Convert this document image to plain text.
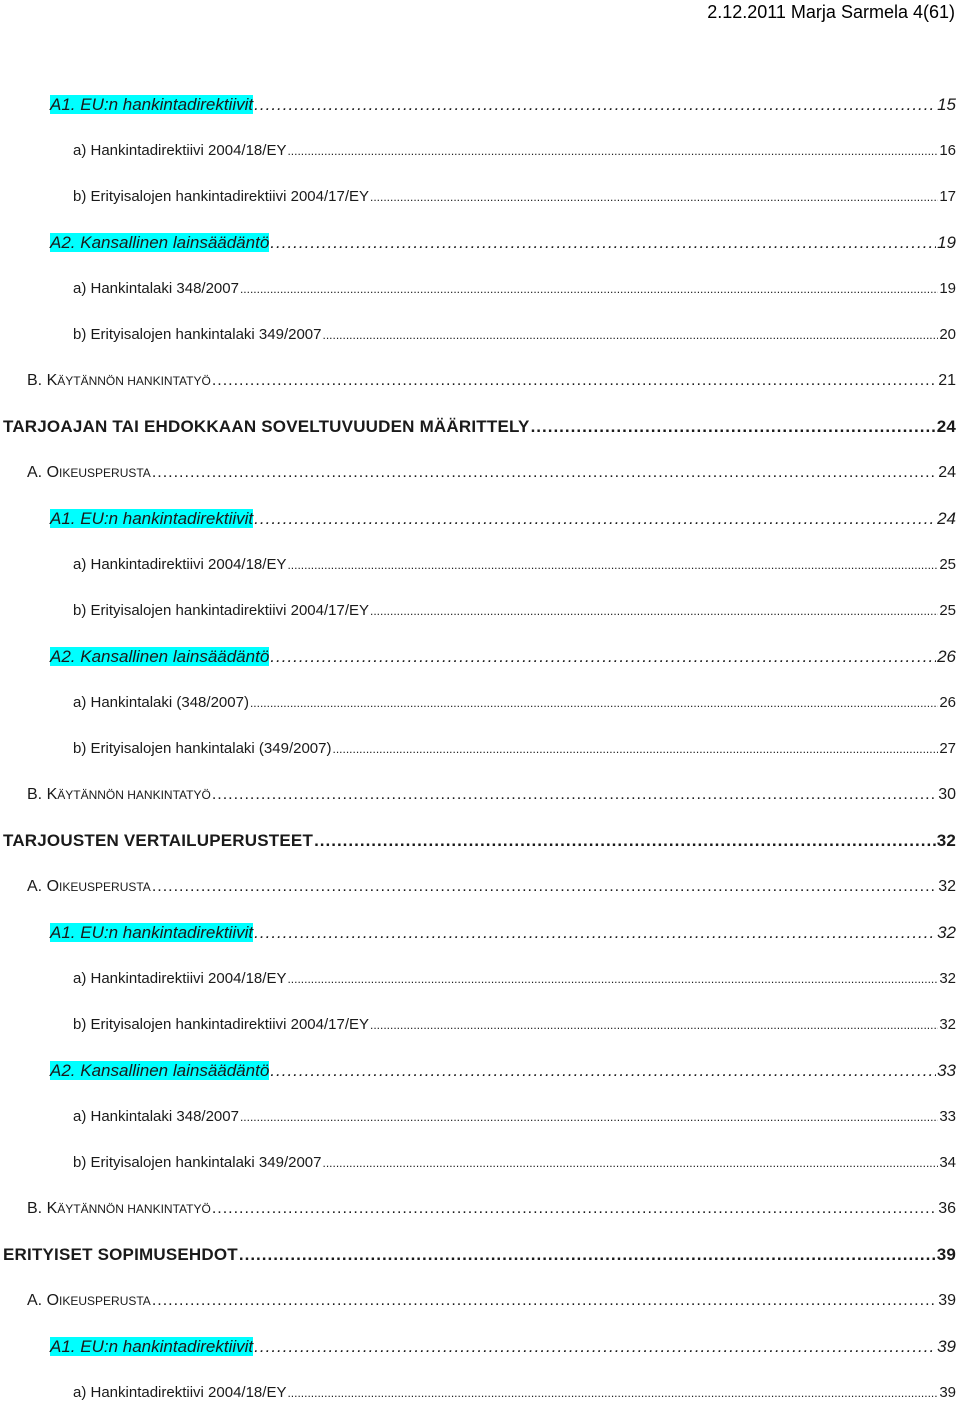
2.12.2011 Marja Sarmela 4(61)
A1. EU:n hankintadirektiivit .....	15
a) Hankintadirektiivi 2004/18/EY .....	16
b) Erityisalojen hankintadirektiivi 2004/17/EY .....	17
A2. Kansallinen lainsäädäntö .....	19
a) Hankintalaki 348/2007 .....	19
b) Erityisalojen hankintalaki 349/2007 .....	20
B. KÄYTÄNNÖN HANKINTATYÖ .....	21
TARJOAJAN TAI EHDOKKAAN SOVELTUVUUDEN MÄÄRITTELY .....	24
A. OIKEUSPERUSTA .....	24
A1. EU:n hankintadirektiivit .....	24
a) Hankintadirektiivi 2004/18/EY .....	25
b) Erityisalojen hankintadirektiivi 2004/17/EY .....	25
A2. Kansallinen lainsäädäntö .....	26
a) Hankintalaki (348/2007) .....	26
b) Erityisalojen hankintalaki (349/2007) .....	27
B. KÄYTÄNNÖN HANKINTATYÖ .....	30
TARJOUSTEN VERTAILUPERUSTEET .....	32
A. OIKEUSPERUSTA .....	32
A1. EU:n hankintadirektiivit .....	32
a) Hankintadirektiivi 2004/18/EY .....	32
b) Erityisalojen hankintadirektiivi 2004/17/EY .....	32
A2. Kansallinen lainsäädäntö .....	33
a) Hankintalaki 348/2007 .....	33
b) Erityisalojen hankintalaki 349/2007 .....	34
B. KÄYTÄNNÖN HANKINTATYÖ .....	36
ERITYISET SOPIMUSEHDOT .....	39
A. OIKEUSPERUSTA .....	39
A1. EU:n hankintadirektiivit .....	39
a) Hankintadirektiivi 2004/18/EY .....	39
